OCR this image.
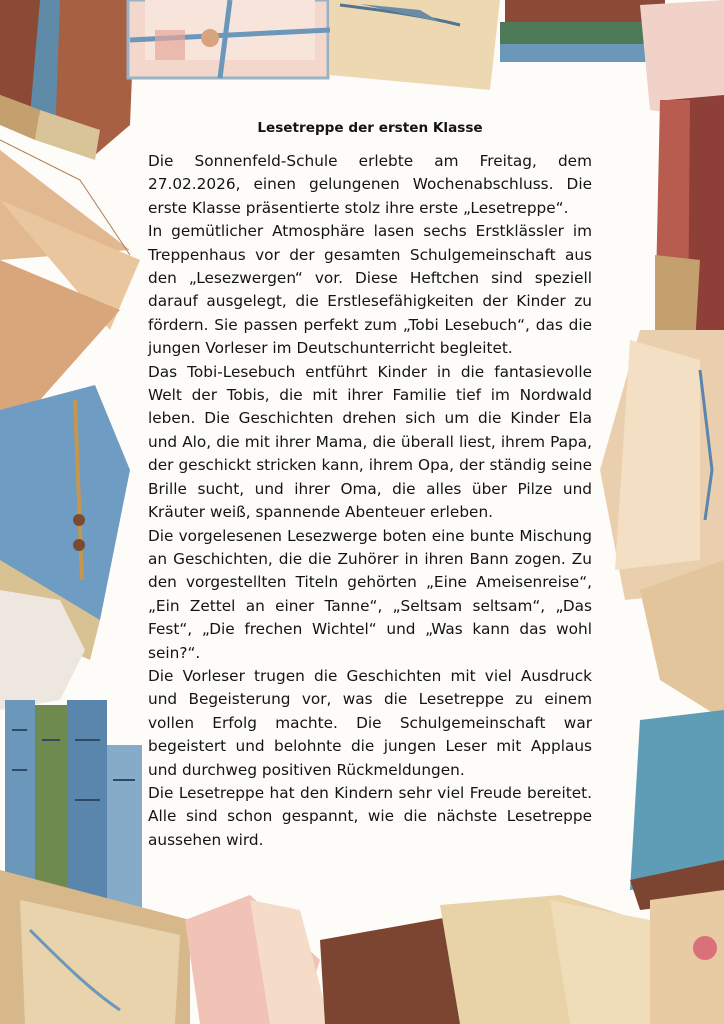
Lesetreppe der ersten Klasse

Die Sonnenfeld-Schule erlebte am Freitag, dem 27.02.2026, einen gelungenen Wochenabschluss. Die erste Klasse präsentierte stolz ihre erste „Lesetreppe“.

In gemütlicher Atmosphäre lasen sechs Erstklässler im Treppenhaus vor der gesamten Schulgemeinschaft aus den „Lesezwergen“ vor. Diese Heftchen sind speziell darauf ausgelegt, die Erstlesefähigkeiten der Kinder zu fördern. Sie passen perfekt zum „Tobi Lesebuch“, das die jungen Vorleser im Deutschunterricht begleitet.

Das Tobi-Lesebuch entführt Kinder in die fantasievolle Welt der Tobis, die mit ihrer Familie tief im Nordwald leben. Die Geschichten drehen sich um die Kinder Ela und Alo, die mit ihrer Mama, die überall liest, ihrem Papa, der geschickt stricken kann, ihrem Opa, der ständig seine Brille sucht, und ihrer Oma, die alles über Pilze und Kräuter weiß, spannende Abenteuer erleben.

Die vorgelesenen Lesezwerge boten eine bunte Mischung an Geschichten, die die Zuhörer in ihren Bann zogen. Zu den vorgestellten Titeln gehörten „Eine Ameisenreise“, „Ein Zettel an einer Tanne“, „Seltsam seltsam“, „Das Fest“, „Die frechen Wichtel“ und „Was kann das wohl sein?“.

Die Vorleser trugen die Geschichten mit viel Ausdruck und Begeisterung vor, was die Lesetreppe zu einem vollen Erfolg machte. Die Schulgemeinschaft war begeistert und belohnte die jungen Leser mit Applaus und durchweg positiven Rückmeldungen.

Die Lesetreppe hat den Kindern sehr viel Freude bereitet. Alle sind schon gespannt, wie die nächste Lesetreppe aussehen wird.
